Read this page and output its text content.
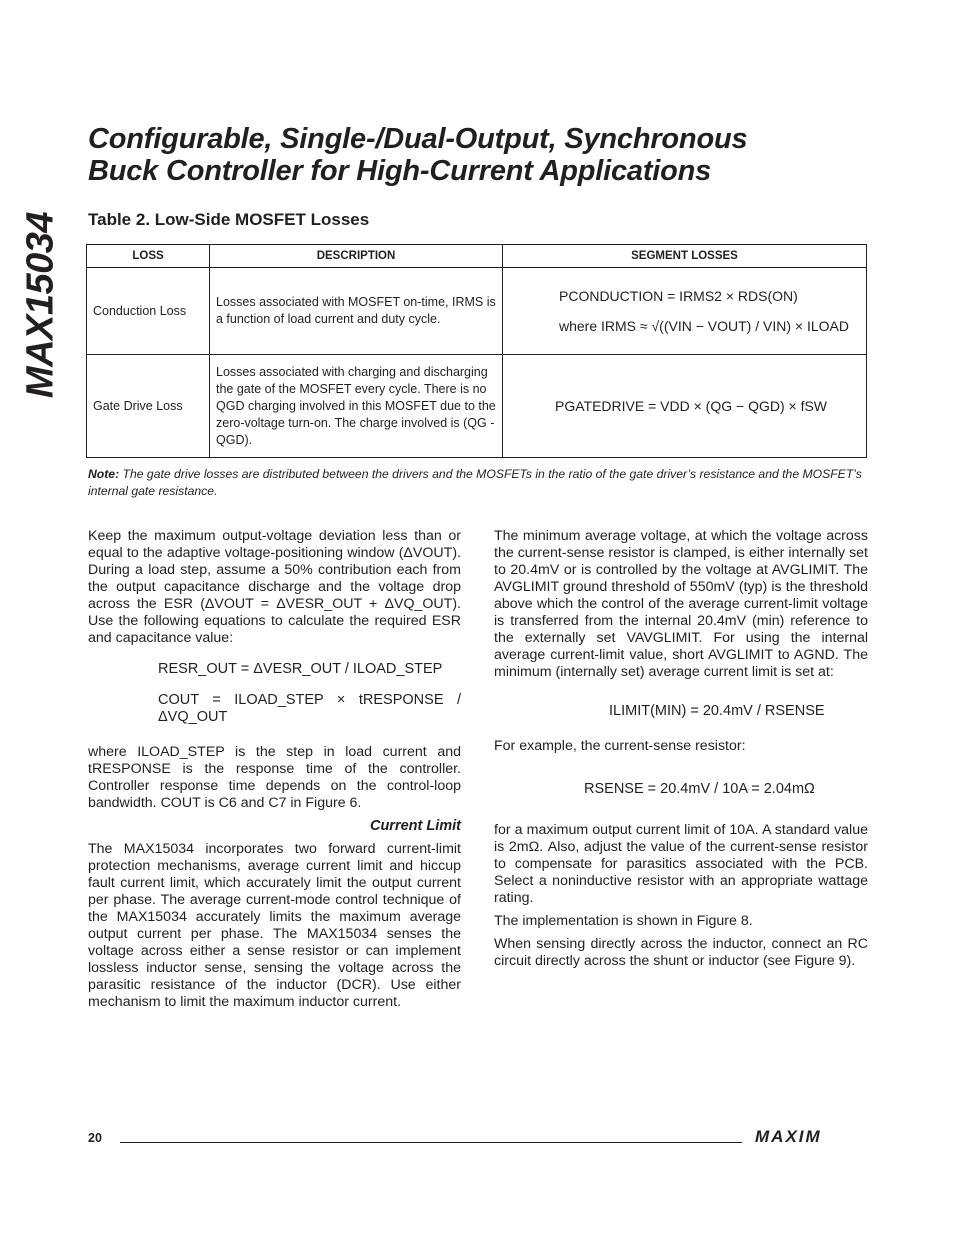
MAX15034
Configurable, Single-/Dual-Output, Synchronous
Buck Controller for High-Current Applications
Table 2. Low-Side MOSFET Losses
LOSS	DESCRIPTION	SEGMENT LOSSES
Conduction Loss	Losses associated with MOSFET on-time, IRMS is a function of load current and duty cycle.	PCONDUCTION = IRMS2 × RDS(ON)
where IRMS ≈ √((VIN − VOUT) / VIN) × ILOAD

Gate Drive Loss	Losses associated with charging and discharging the gate of the MOSFET every cycle. There is no QGD charging involved in this MOSFET due to the zero-voltage turn-on. The charge involved is (QG - QGD).	PGATEDRIVE = VDD × (QG − QGD) × fSW
Note: The gate drive losses are distributed between the drivers and the MOSFETs in the ratio of the gate driver’s resistance and the MOSFET’s internal gate resistance.

Keep the maximum output-voltage deviation less than or equal to the adaptive voltage-positioning window (ΔVOUT). During a load step, assume a 50% contribution each from the output capacitance discharge and the voltage drop across the ESR (ΔVOUT = ΔVESR_OUT + ΔVQ_OUT). Use the following equations to calculate the required ESR and capacitance value:

RESR_OUT = ΔVESR_OUT / ILOAD_STEP
COUT = ILOAD_STEP × tRESPONSE / ΔVQ_OUT

where ILOAD_STEP is the step in load current and tRESPONSE is the response time of the controller. Controller response time depends on the control-loop bandwidth. COUT is C6 and C7 in Figure 6.

Current Limit

The MAX15034 incorporates two forward current-limit protection mechanisms, average current limit and hiccup fault current limit, which accurately limit the output current per phase. The average current-mode control technique of the MAX15034 accurately limits the maximum average output current per phase. The MAX15034 senses the voltage across either a sense resistor or can implement lossless inductor sense, sensing the voltage across the parasitic resistance of the inductor (DCR). Use either mechanism to limit the maximum inductor current.

The minimum average voltage, at which the voltage across the current-sense resistor is clamped, is either internally set to 20.4mV or is controlled by the voltage at AVGLIMIT. The AVGLIMIT ground threshold of 550mV (typ) is the threshold above which the control of the average current-limit voltage is transferred from the internal 20.4mV (min) reference to the externally set VAVGLIMIT. For using the internal average current-limit value, short AVGLIMIT to AGND. The minimum (internally set) average current limit is set at:

ILIMIT(MIN) = 20.4mV / RSENSE

For example, the current-sense resistor:

RSENSE = 20.4mV / 10A = 2.04mΩ

for a maximum output current limit of 10A. A standard value is 2mΩ. Also, adjust the value of the current-sense resistor to compensate for parasitics associated with the PCB. Select a noninductive resistor with an appropriate wattage rating.

The implementation is shown in Figure 8.

When sensing directly across the inductor, connect an RC circuit directly across the shunt or inductor (see Figure 9).

20	MAXIM
